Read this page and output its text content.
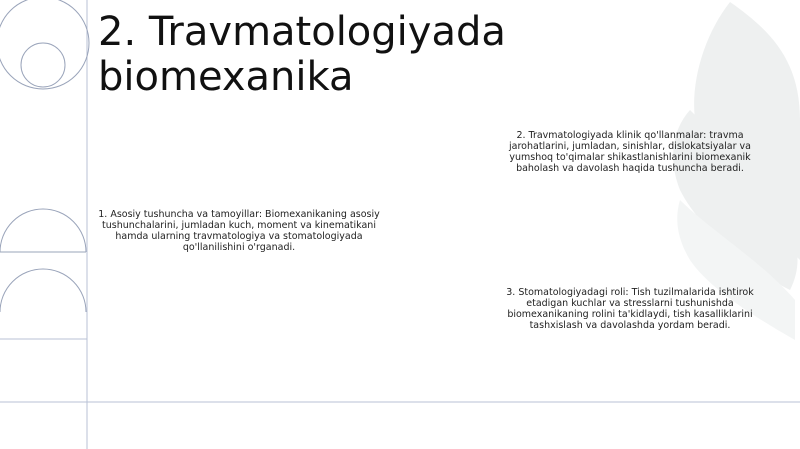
2. Travmatologiyada
biomexanika

1. Asosiy tushuncha va tamoyillar: Biomexanikaning asosiy tushunchalarini, jumladan kuch, moment va kinematikani hamda ularning travmatologiya va stomatologiyada qo'llanilishini o'rganadi.

2. Travmatologiyada klinik qo'llanmalar: travma jarohatlarini, jumladan, sinishlar, dislokatsiyalar va yumshoq to'qimalar shikastlanishlarini biomexanik baholash va davolash haqida tushuncha beradi.

3. Stomatologiyadagi roli: Tish tuzilmalarida ishtirok etadigan kuchlar va stresslarni tushunishda biomexanikaning rolini ta'kidlaydi, tish kasalliklarini tashxislash va davolashda yordam beradi.
